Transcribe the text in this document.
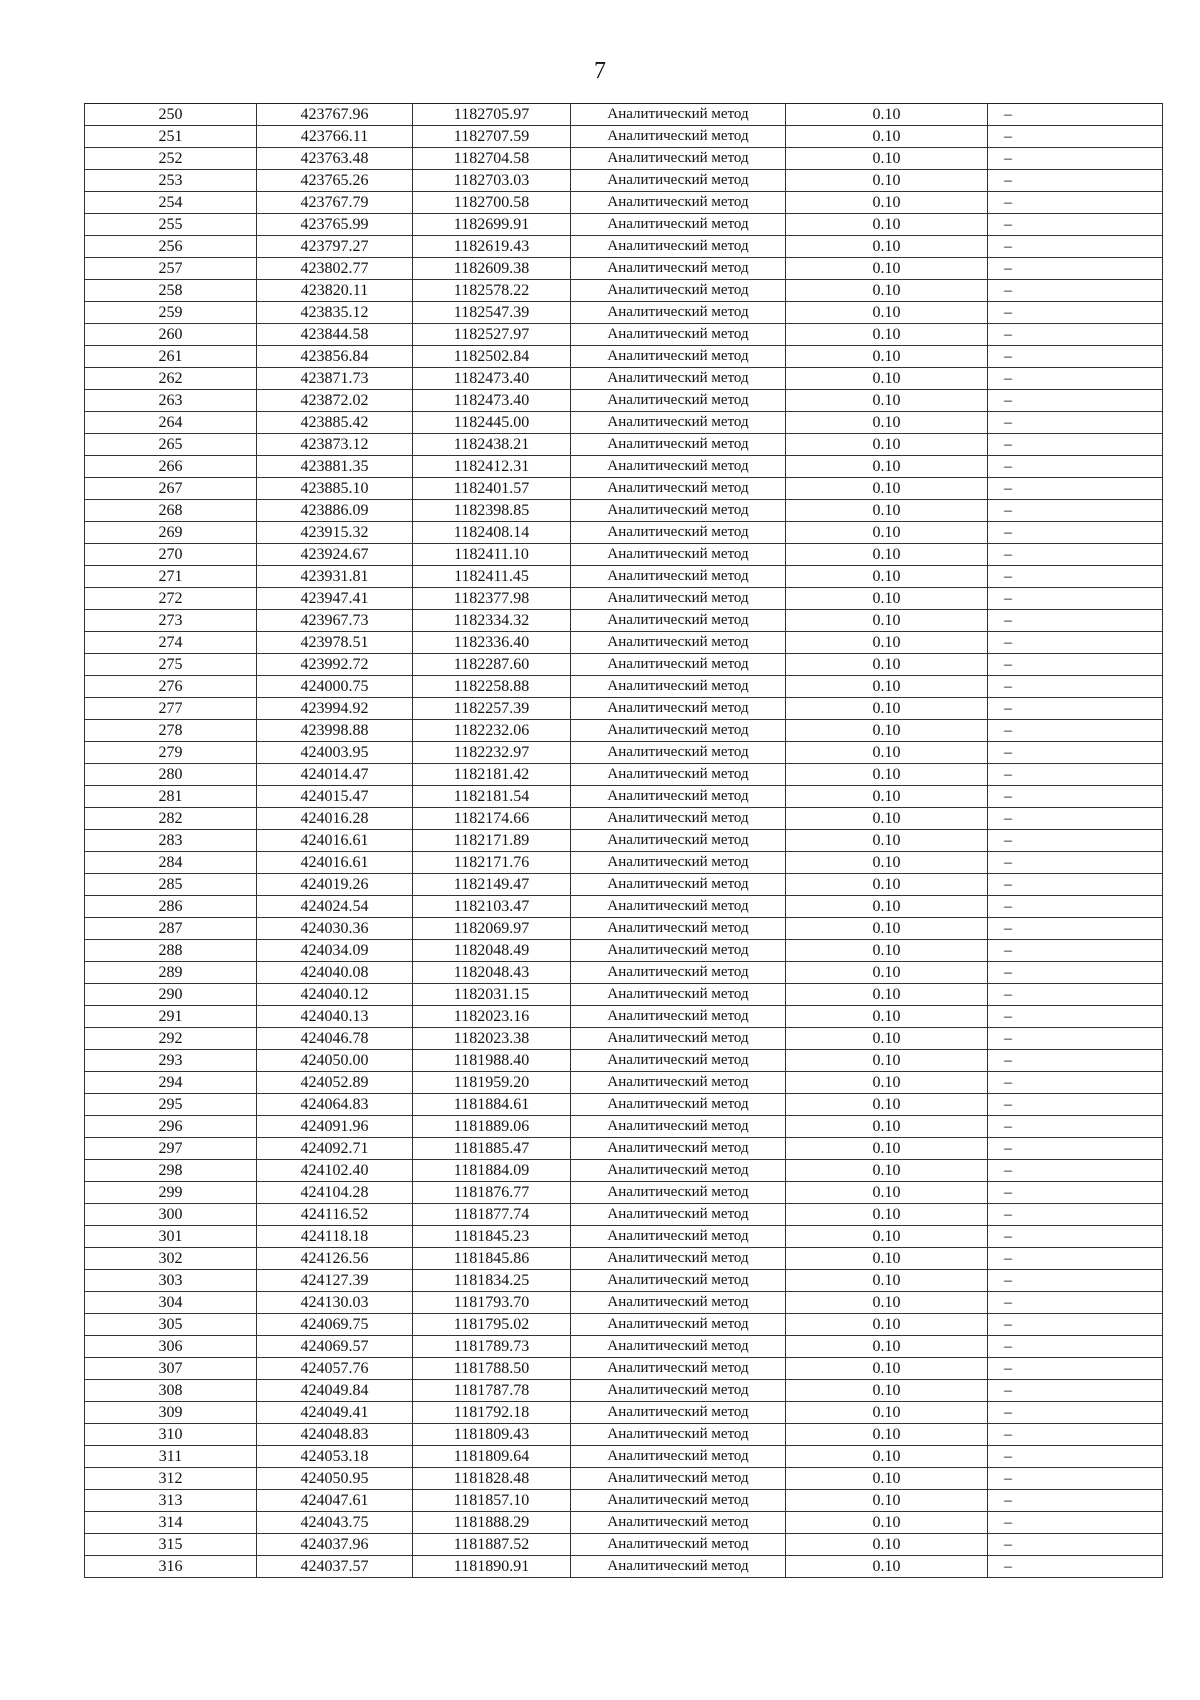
7
250	423767.96	1182705.97	Аналитический метод	0.10	–
251	423766.11	1182707.59	Аналитический метод	0.10	–
252	423763.48	1182704.58	Аналитический метод	0.10	–
253	423765.26	1182703.03	Аналитический метод	0.10	–
254	423767.79	1182700.58	Аналитический метод	0.10	–
255	423765.99	1182699.91	Аналитический метод	0.10	–
256	423797.27	1182619.43	Аналитический метод	0.10	–
257	423802.77	1182609.38	Аналитический метод	0.10	–
258	423820.11	1182578.22	Аналитический метод	0.10	–
259	423835.12	1182547.39	Аналитический метод	0.10	–
260	423844.58	1182527.97	Аналитический метод	0.10	–
261	423856.84	1182502.84	Аналитический метод	0.10	–
262	423871.73	1182473.40	Аналитический метод	0.10	–
263	423872.02	1182473.40	Аналитический метод	0.10	–
264	423885.42	1182445.00	Аналитический метод	0.10	–
265	423873.12	1182438.21	Аналитический метод	0.10	–
266	423881.35	1182412.31	Аналитический метод	0.10	–
267	423885.10	1182401.57	Аналитический метод	0.10	–
268	423886.09	1182398.85	Аналитический метод	0.10	–
269	423915.32	1182408.14	Аналитический метод	0.10	–
270	423924.67	1182411.10	Аналитический метод	0.10	–
271	423931.81	1182411.45	Аналитический метод	0.10	–
272	423947.41	1182377.98	Аналитический метод	0.10	–
273	423967.73	1182334.32	Аналитический метод	0.10	–
274	423978.51	1182336.40	Аналитический метод	0.10	–
275	423992.72	1182287.60	Аналитический метод	0.10	–
276	424000.75	1182258.88	Аналитический метод	0.10	–
277	423994.92	1182257.39	Аналитический метод	0.10	–
278	423998.88	1182232.06	Аналитический метод	0.10	–
279	424003.95	1182232.97	Аналитический метод	0.10	–
280	424014.47	1182181.42	Аналитический метод	0.10	–
281	424015.47	1182181.54	Аналитический метод	0.10	–
282	424016.28	1182174.66	Аналитический метод	0.10	–
283	424016.61	1182171.89	Аналитический метод	0.10	–
284	424016.61	1182171.76	Аналитический метод	0.10	–
285	424019.26	1182149.47	Аналитический метод	0.10	–
286	424024.54	1182103.47	Аналитический метод	0.10	–
287	424030.36	1182069.97	Аналитический метод	0.10	–
288	424034.09	1182048.49	Аналитический метод	0.10	–
289	424040.08	1182048.43	Аналитический метод	0.10	–
290	424040.12	1182031.15	Аналитический метод	0.10	–
291	424040.13	1182023.16	Аналитический метод	0.10	–
292	424046.78	1182023.38	Аналитический метод	0.10	–
293	424050.00	1181988.40	Аналитический метод	0.10	–
294	424052.89	1181959.20	Аналитический метод	0.10	–
295	424064.83	1181884.61	Аналитический метод	0.10	–
296	424091.96	1181889.06	Аналитический метод	0.10	–
297	424092.71	1181885.47	Аналитический метод	0.10	–
298	424102.40	1181884.09	Аналитический метод	0.10	–
299	424104.28	1181876.77	Аналитический метод	0.10	–
300	424116.52	1181877.74	Аналитический метод	0.10	–
301	424118.18	1181845.23	Аналитический метод	0.10	–
302	424126.56	1181845.86	Аналитический метод	0.10	–
303	424127.39	1181834.25	Аналитический метод	0.10	–
304	424130.03	1181793.70	Аналитический метод	0.10	–
305	424069.75	1181795.02	Аналитический метод	0.10	–
306	424069.57	1181789.73	Аналитический метод	0.10	–
307	424057.76	1181788.50	Аналитический метод	0.10	–
308	424049.84	1181787.78	Аналитический метод	0.10	–
309	424049.41	1181792.18	Аналитический метод	0.10	–
310	424048.83	1181809.43	Аналитический метод	0.10	–
311	424053.18	1181809.64	Аналитический метод	0.10	–
312	424050.95	1181828.48	Аналитический метод	0.10	–
313	424047.61	1181857.10	Аналитический метод	0.10	–
314	424043.75	1181888.29	Аналитический метод	0.10	–
315	424037.96	1181887.52	Аналитический метод	0.10	–
316	424037.57	1181890.91	Аналитический метод	0.10	–
